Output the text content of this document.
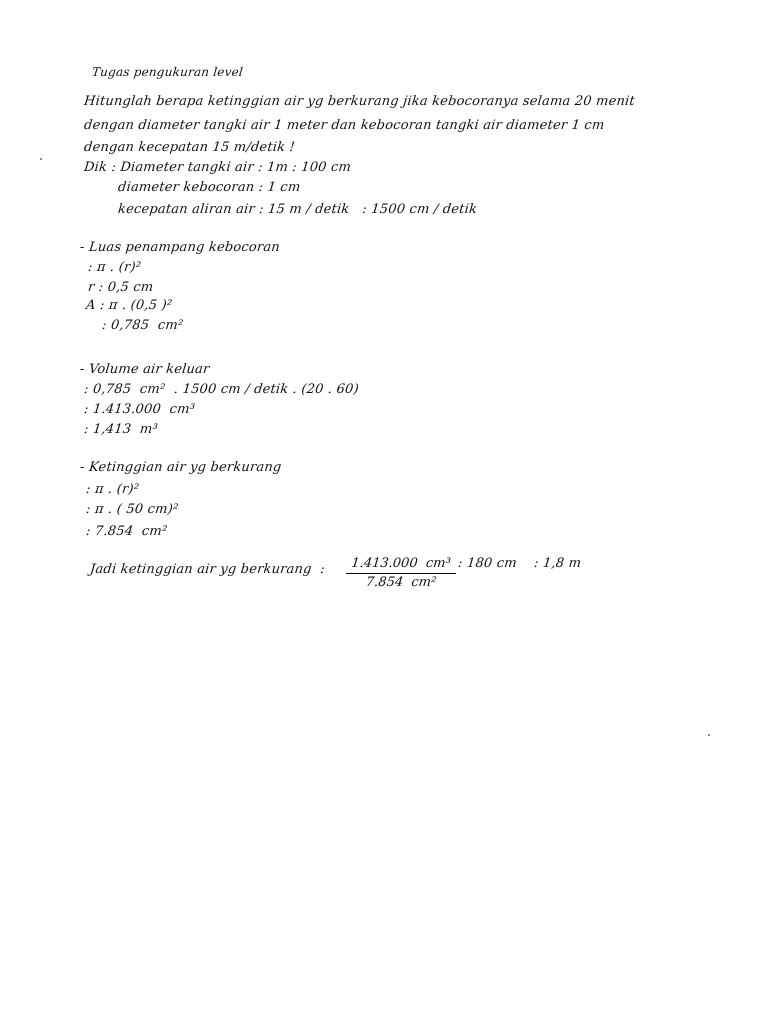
Tugas pengukuran level
Hitunglah berapa ketinggian air yg berkurang jika kebocoranya selama 20 menit
dengan diameter tangki air 1 meter dan kebocoran tangki air diameter 1 cm
dengan kecepatan 15 m/detik !
Dik : Diameter tangki air : 1m : 100 cm
diameter kebocoran : 1 cm
kecepatan aliran air : 15 m / detik   : 1500 cm / detik
- Luas penampang kebocoran
: π . (r)²
r : 0,5 cm
A : π . (0,5 )²
: 0,785  cm²
- Volume air keluar
: 0,785  cm²  . 1500 cm / detik . (20 . 60)
: 1.413.000  cm³
: 1,413  m³
- Ketinggian air yg berkurang
: π . (r)²
: π . ( 50 cm)²
: 7.854  cm²
Jadi ketinggian air yg berkurang  :	1.413.000  cm³
7.854  cm²
: 180 cm    : 1,8 m
